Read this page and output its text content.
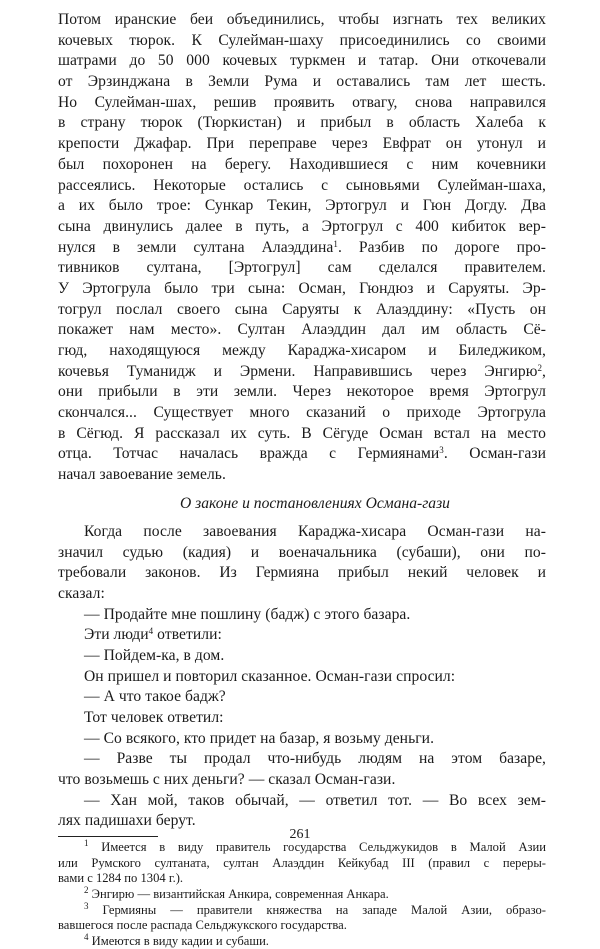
Потом иранские беи объединились, чтобы изгнать тех великих
кочевых тюрок. К Сулейман-шаху присоединились со своими
шатрами до 50 000 кочевых туркмен и татар. Они откочевали
от Эрзинджана в Земли Рума и оставались там лет шесть.
Но Сулейман-шах, решив проявить отвагу, снова направился
в страну тюрок (Тюркистан) и прибыл в область Халеба к
крепости Джафар. При переправе через Евфрат он утонул и
был похоронен на берегу. Находившиеся с ним кочевники
рассеялись. Некоторые остались с сыновьями Сулейман-шаха,
а их было трое: Сункар Текин, Эртогрул и Гюн Догду. Два
сына двинулись далее в путь, а Эртогрул с 400 кибиток вер-
нулся в земли султана Алаэддина$^1$. Разбив по дороге про-
тивников султана, [Эртогрул] сам сделался правителем.
У Эртогрула было три сына: Осман, Гюндюз и Саруяты. Эр-
тогрул послал своего сына Саруяты к Алаэддину: «Пусть он
покажет нам место». Султан Алаэддин дал им область Сё-
гюд, находящуюся между Караджа-хисаром и Биледжиком,
кочевья Туманидж и Эрмени. Направившись через Энгирю$^2$,
они прибыли в эти земли. Через некоторое время Эртогрул
скончался... Существует много сказаний о приходе Эртогрула
в Сёгюд. Я рассказал их суть. В Сёгуде Осман встал на место
отца. Тотчас началась вражда с Гермиянами$^3$. Осман-гази
начал завоевание земель.
О законе и постановлениях Османа-гази
Когда после завоевания Караджа-хисара Осман-гази на-
значил судью (кадия) и военачальника (субаши), они по-
требовали законов. Из Гермияна прибыл некий человек и
сказал:
— Продайте мне пошлину (бадж) с этого базара.
Эти люди$^4$ ответили:
— Пойдем-ка, в дом.
Он пришел и повторил сказанное. Осман-гази спросил:
— А что такое бадж?
Тот человек ответил:
— Со всякого, кто придет на базар, я возьму деньги.
— Разве ты продал что-нибудь людям на этом базаре,
что возьмешь с них деньги? — сказал Осман-гази.
— Хан мой, таков обычай, — ответил тот. — Во всех зем-
лях падишахи берут.
$^1$ Имеется в виду правитель государства Сельджукидов в Малой Азии
или Румского султаната, султан Алаэддин Кейкубад III (правил с переры-
вами с 1284 по 1304 г.).
$^2$ Энгирю — византийская Анкира, современная Анкара.
$^3$ Гермияны — правители княжества на западе Малой Азии, образо-
вавшегося после распада Сельджукского государства.
$^4$ Имеются в виду кадии и субаши.
261
